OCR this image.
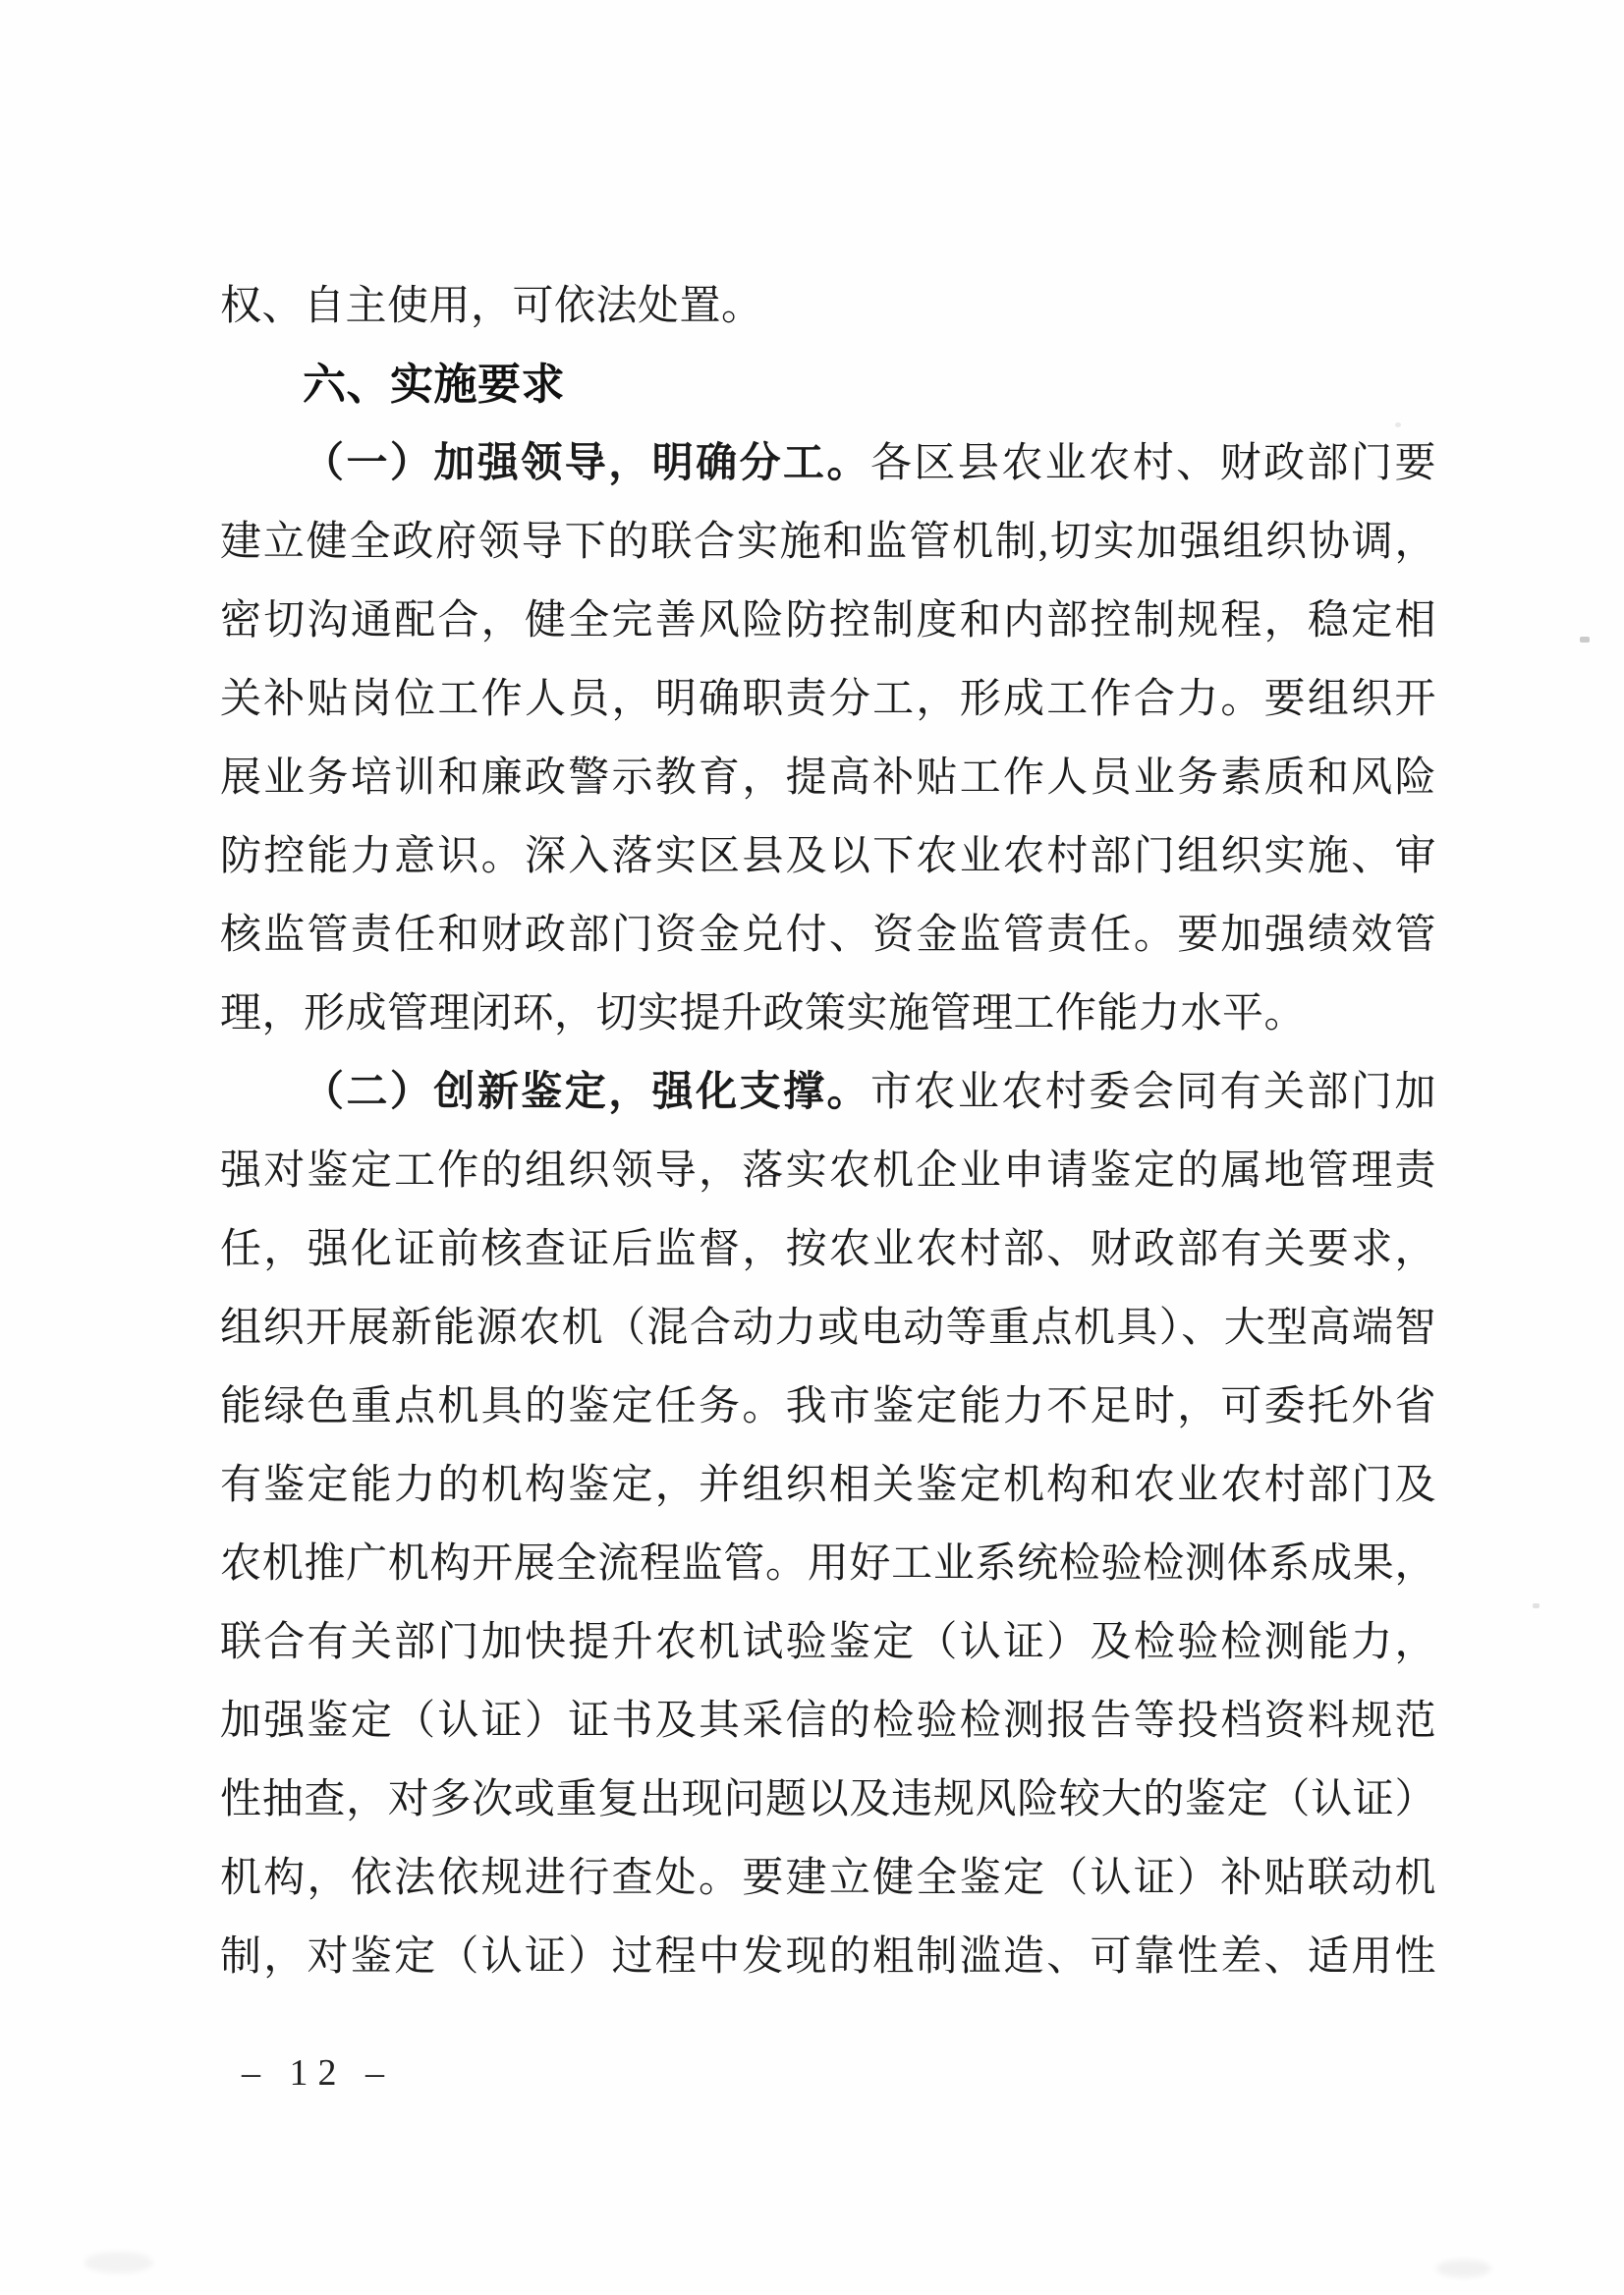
权、自主使用，可依法处置。
六、实施要求
（一）加强领导，明确分工。各区县农业农村、财政部门要
建立健全政府领导下的联合实施和监管机制,切实加强组织协调，
密切沟通配合，健全完善风险防控制度和内部控制规程，稳定相
关补贴岗位工作人员，明确职责分工，形成工作合力。要组织开
展业务培训和廉政警示教育，提高补贴工作人员业务素质和风险
防控能力意识。深入落实区县及以下农业农村部门组织实施、审
核监管责任和财政部门资金兑付、资金监管责任。要加强绩效管
理，形成管理闭环，切实提升政策实施管理工作能力水平。
（二）创新鉴定，强化支撑。市农业农村委会同有关部门加
强对鉴定工作的组织领导，落实农机企业申请鉴定的属地管理责
任，强化证前核查证后监督，按农业农村部、财政部有关要求，
组织开展新能源农机（混合动力或电动等重点机具）、大型高端智
能绿色重点机具的鉴定任务。我市鉴定能力不足时，可委托外省
有鉴定能力的机构鉴定，并组织相关鉴定机构和农业农村部门及
农机推广机构开展全流程监管。用好工业系统检验检测体系成果，
联合有关部门加快提升农机试验鉴定（认证）及检验检测能力，
加强鉴定（认证）证书及其采信的检验检测报告等投档资料规范
性抽查，对多次或重复出现问题以及违规风险较大的鉴定（认证）
机构，依法依规进行查处。要建立健全鉴定（认证）补贴联动机
制，对鉴定（认证）过程中发现的粗制滥造、可靠性差、适用性
– 12 –
